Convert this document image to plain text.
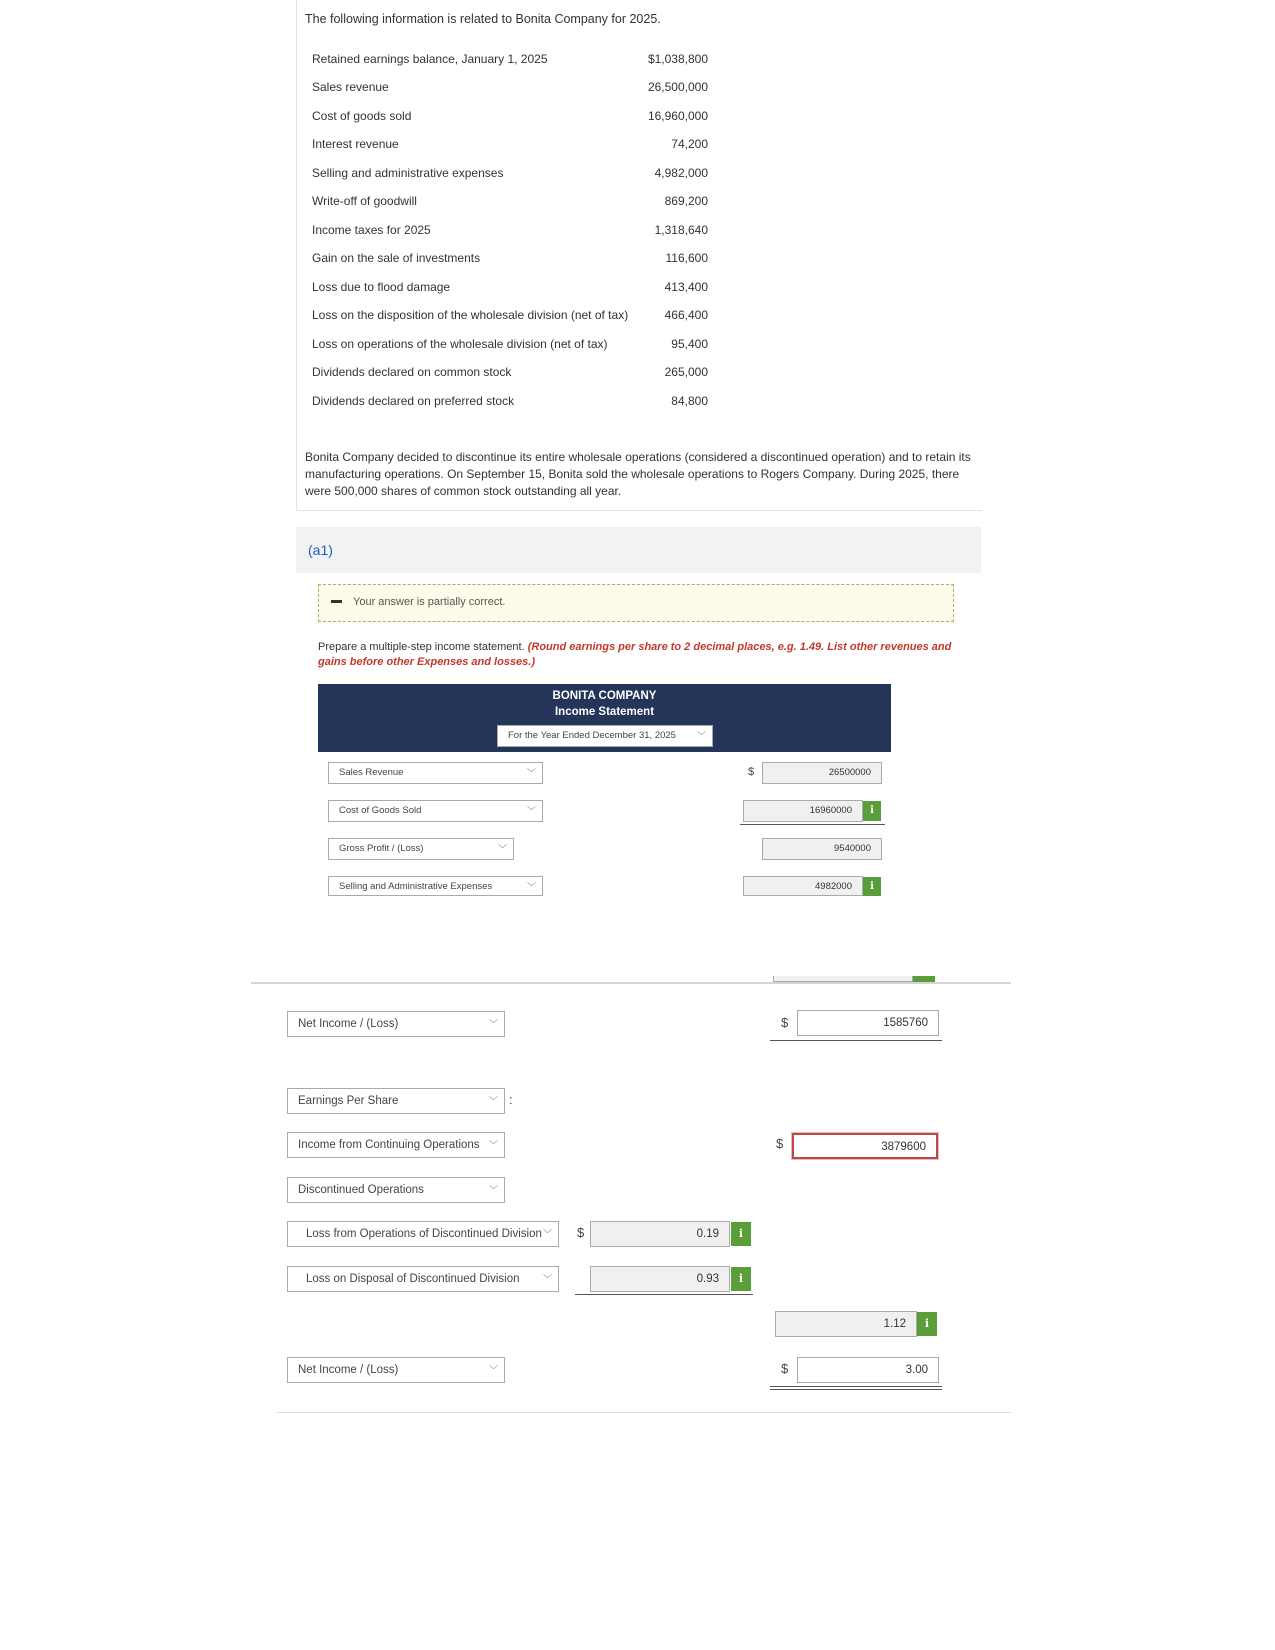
The following information is related to Bonita Company for 2025.
Retained earnings balance, January 1, 2025	$1,038,800
Sales revenue	26,500,000
Cost of goods sold	16,960,000
Interest revenue	74,200
Selling and administrative expenses	4,982,000
Write-off of goodwill	869,200
Income taxes for 2025	1,318,640
Gain on the sale of investments	116,600
Loss due to flood damage	413,400
Loss on the disposition of the wholesale division (net of tax)	466,400
Loss on operations of the wholesale division (net of tax)	95,400
Dividends declared on common stock	265,000
Dividends declared on preferred stock	84,800
Bonita Company decided to discontinue its entire wholesale operations (considered a discontinued operation) and to retain its manufacturing operations. On September 15, Bonita sold the wholesale operations to Rogers Company. During 2025, there were 500,000 shares of common stock outstanding all year.
(a1)
Your answer is partially correct.
Prepare a multiple-step income statement. (Round earnings per share to 2 decimal places, e.g. 1.49. List other revenues and gains before other Expenses and losses.)
BONITA COMPANY
Income Statement
For the Year Ended December 31, 2025 ﹀
Sales Revenue	﹀	$	26500000
Cost of Goods Sold	﹀	16960000	i
Gross Profit / (Loss)	﹀	9540000
Selling and Administrative Expenses	﹀	4982000	i
Net Income / (Loss)	﹀	$	1585760
Earnings Per Share	﹀ :
Income from Continuing Operations ﹀	$	3879600
Discontinued Operations	﹀
Loss from Operations of Discontinued Division ﹀ $	0.19	i
Loss on Disposal of Discontinued Division	﹀	0.93	i
1.12	i
Net Income / (Loss)	﹀	$	3.00
